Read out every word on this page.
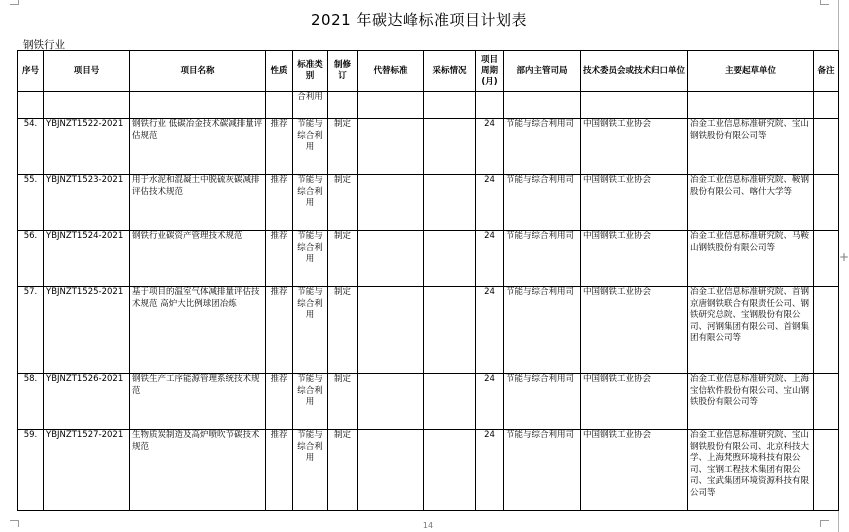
+
2021 年碳达峰标准项目计划表
钢铁行业
序号	项目号	项目名称	性质	标准类别	制修订	代替标准	采标情况	项目周期(月)	部内主管司局	技术委员会或技术归口单位	主要起草单位	备注
				合利用								
54.	YBJNZT1522-2021	钢铁行业 低碳冶金技术碳减排量评估规范	推荐	节能与综合利用	制定			24	节能与综合利用司	中国钢铁工业协会	冶金工业信息标准研究院、宝山钢铁股份有限公司等	
55.	YBJNZT1523-2021	用于水泥和混凝土中脱硫灰碳减排评估技术规范	推荐	节能与综合利用	制定			24	节能与综合利用司	中国钢铁工业协会	冶金工业信息标准研究院、鞍钢股份有限公司、喀什大学等	
56.	YBJNZT1524-2021	钢铁行业碳资产管理技术规范	推荐	节能与综合利用	制定			24	节能与综合利用司	中国钢铁工业协会	冶金工业信息标准研究院、马鞍山钢铁股份有限公司等	
57.	YBJNZT1525-2021	基于项目的温室气体减排量评估技术规范 高炉大比例球团冶炼	推荐	节能与综合利用	制定			24	节能与综合利用司	中国钢铁工业协会	冶金工业信息标准研究院、首钢京唐钢铁联合有限责任公司、钢铁研究总院、宝钢股份有限公司、河钢集团有限公司、首钢集团有限公司等	
58.	YBJNZT1526-2021	钢铁生产工序能源管理系统技术规范	推荐	节能与综合利用	制定			24	节能与综合利用司	中国钢铁工业协会	冶金工业信息标准研究院、上海宝信软件股份有限公司、宝山钢铁股份有限公司等	
59.	YBJNZT1527-2021	生物质炭制造及高炉喷吹节碳技术规范	推荐	节能与综合利用	制定			24	节能与综合利用司	中国钢铁工业协会	冶金工业信息标准研究院、宝山钢铁股份有限公司、北京科技大学、上海梵煦环境科技有限公司、宝钢工程技术集团有限公司、宝武集团环境资源科技有限公司等	
14
